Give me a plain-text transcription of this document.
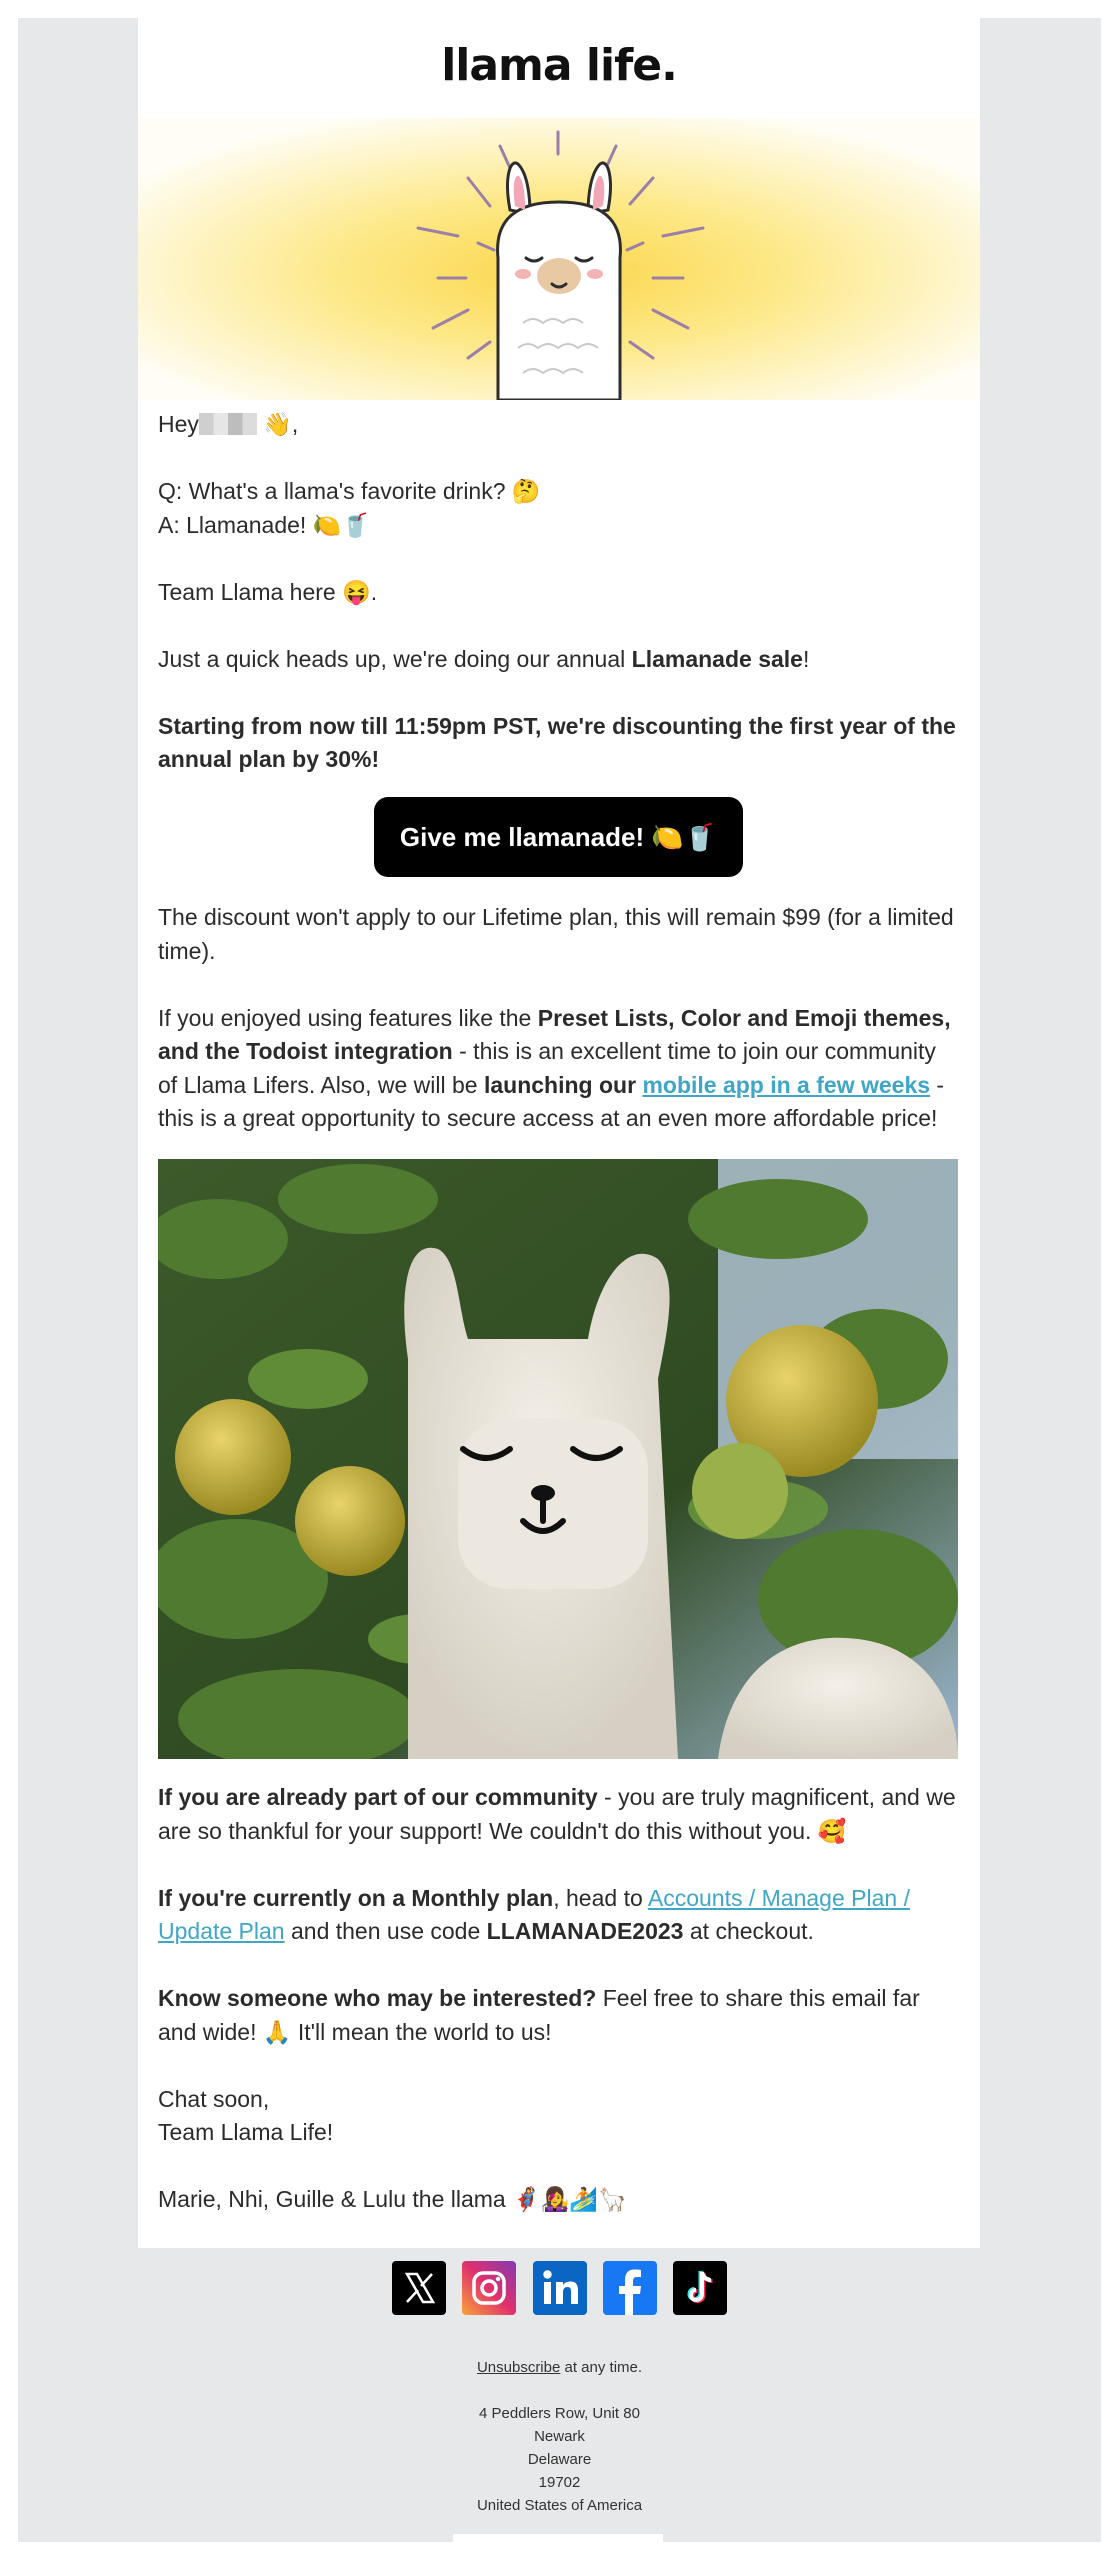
llama life.
Hey	👋,
Q: What's a llama's favorite drink? 🤔
A: Llamanade! 🍋🥤
Team Llama here 😝.
Just a quick heads up, we're doing our annual Llamanade sale!
Starting from now till 11:59pm PST, we're discounting the first year of the annual plan by 30%!
Give me llamanade! 🍋🥤
The discount won't apply to our Lifetime plan, this will remain $99 (for a limited time).
If you enjoyed using features like the Preset Lists, Color and Emoji themes, and the Todoist integration - this is an excellent time to join our community of Llama Lifers. Also, we will be launching our mobile app in a few weeks - this is a great opportunity to secure access at an even more affordable price!
If you are already part of our community - you are truly magnificent, and we are so thankful for your support! We couldn't do this without you. 🥰
If you're currently on a Monthly plan, head to Accounts / Manage Plan / Update Plan and then use code LLAMANADE2023 at checkout.
Know someone who may be interested? Feel free to share this email far and wide! 🙏 It'll mean the world to us!
Chat soon,
Team Llama Life!
Marie, Nhi, Guille & Lulu the llama 🦸‍♀️👩‍🎤🏄🦙

Unsubscribe at any time.
4 Peddlers Row, Unit 80
Newark
Delaware
19702
United States of America
